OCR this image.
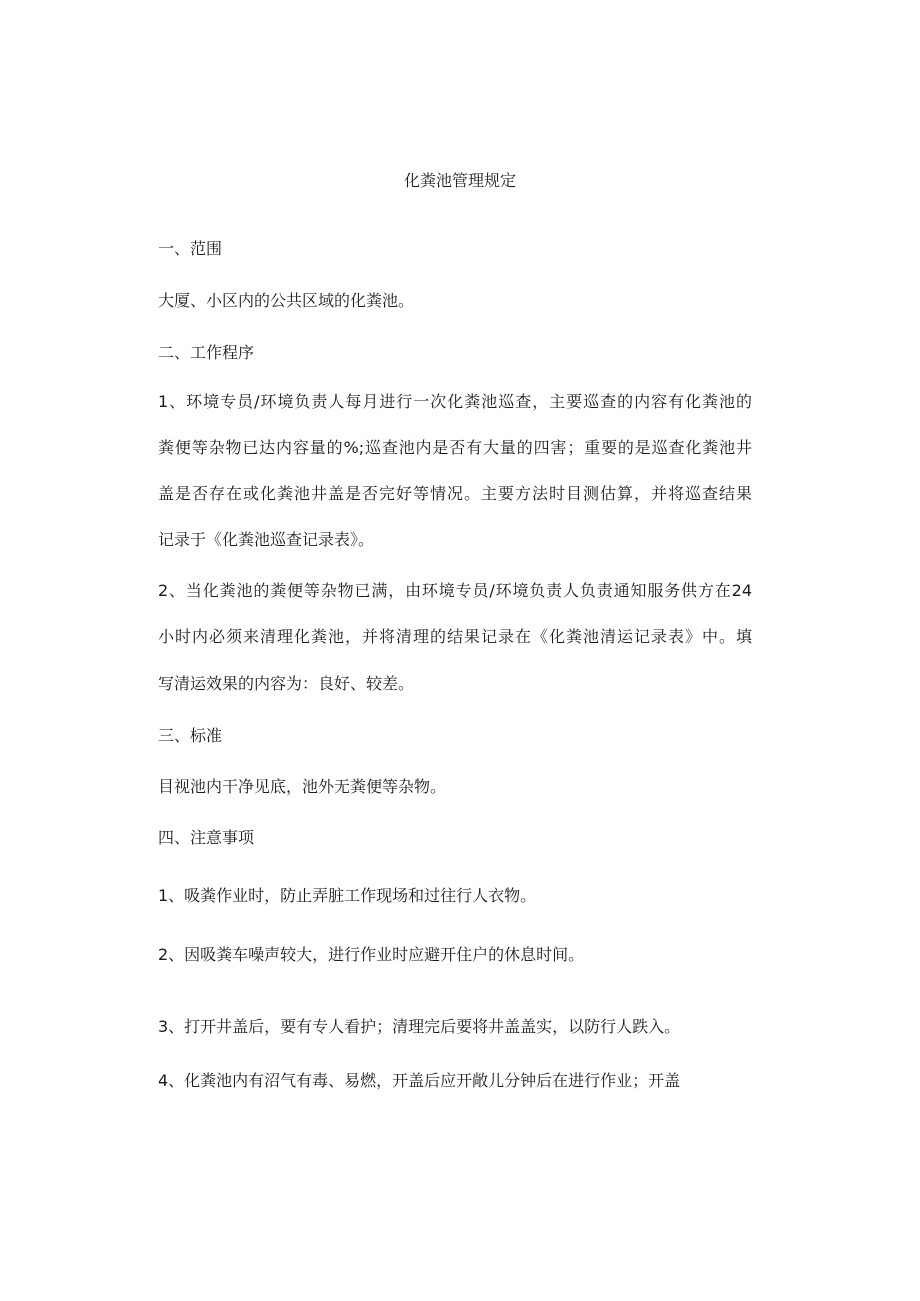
化粪池管理规定
一、范围
大厦、小区内的公共区域的化粪池。
二、工作程序
1、环境专员/环境负责人每月进行一次化粪池巡查，主要巡查的内容有化粪池的
粪便等杂物已达内容量的%;巡查池内是否有大量的四害；重要的是巡查化粪池井
盖是否存在或化粪池井盖是否完好等情况。主要方法时目测估算，并将巡查结果
记录于《化粪池巡查记录表》。
2、当化粪池的粪便等杂物已满，由环境专员/环境负责人负责通知服务供方在24
小时内必须来清理化粪池，并将清理的结果记录在《化粪池清运记录表》中。填
写清运效果的内容为：良好、较差。
三、标准
目视池内干净见底，池外无粪便等杂物。
四、注意事项
1、吸粪作业时，防止弄脏工作现场和过往行人衣物。
2、因吸粪车噪声较大，进行作业时应避开住户的休息时间。
3、打开井盖后，要有专人看护；清理完后要将井盖盖实，以防行人跌入。
4、化粪池内有沼气有毒、易燃，开盖后应开敞儿分钟后在进行作业；开盖
